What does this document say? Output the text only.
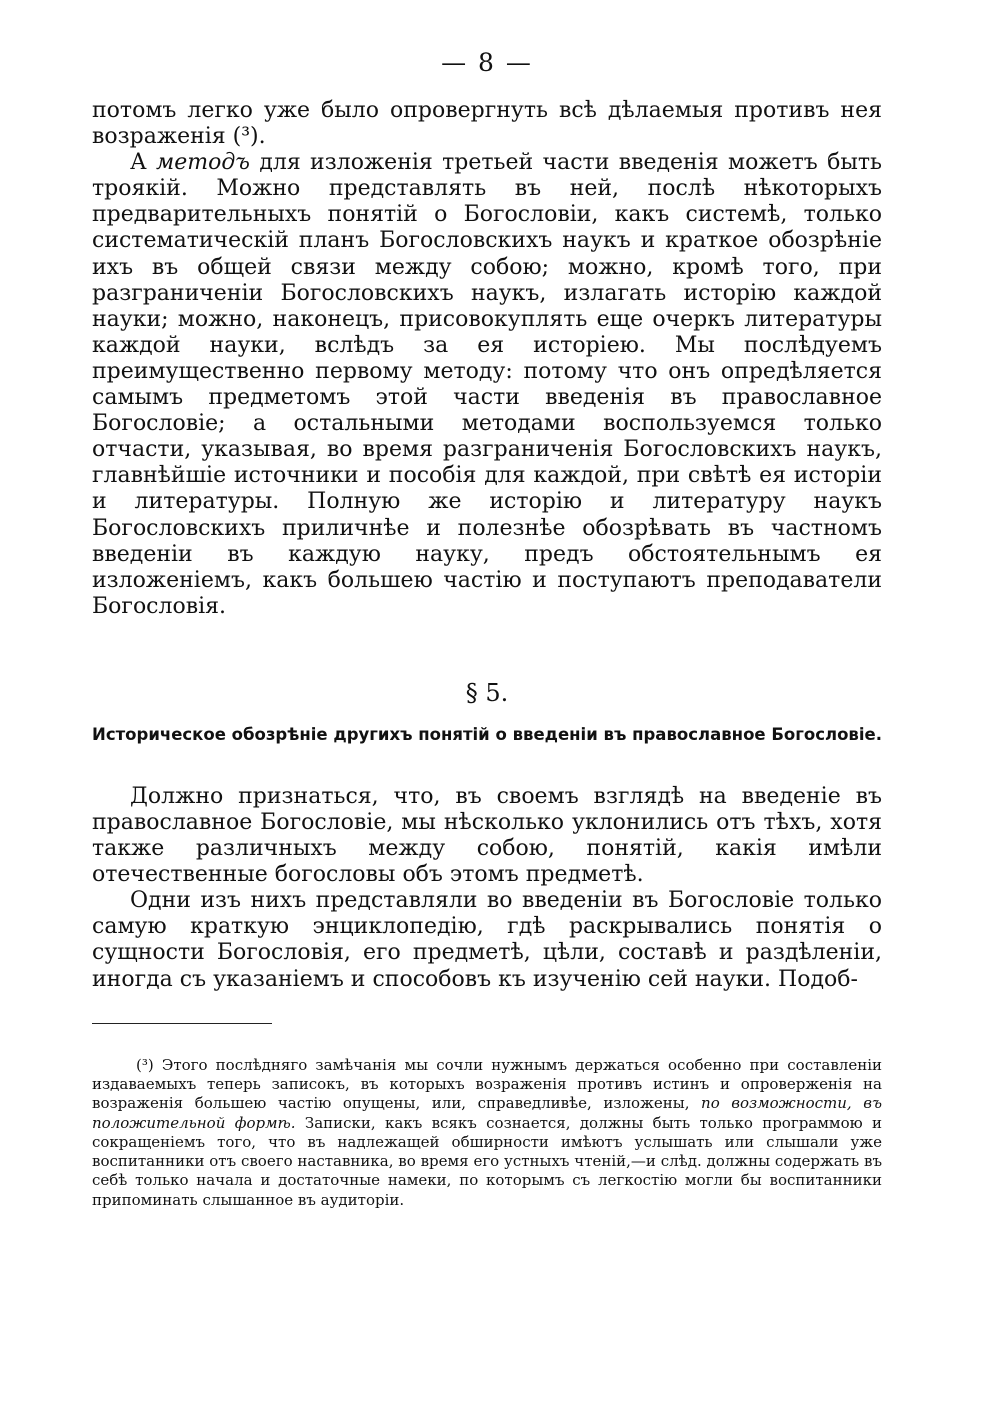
— 8 —

потомъ легко уже было опровергнуть всѣ дѣлаемыя противъ нея возраженія (³).

А методъ для изложенія третьей части введенія можетъ быть трoякій. Можно представлять въ ней, послѣ нѣкоторыхъ предварительныхъ понятій о Богословіи, какъ системѣ, только систематическій планъ Богословскихъ наукъ и краткое обозрѣніе ихъ въ общей связи между собою; можно, кромѣ того, при разграниченіи Богословскихъ наукъ, излагать исторію каждой науки; можно, наконецъ, присовокуплять еще очеркъ литературы каждой науки, вслѣдъ за ея исторіею. Мы послѣдуемъ преимущественно первому методу: потому что онъ опредѣляется самымъ предметомъ этой части введенія въ православное Богословіе; а остальными методами воспользуемся только отчасти, указывая, во время разграниченія Богословскихъ наукъ, главнѣйшіе источники и пособія для каждой, при свѣтѣ ея исторіи и литературы. Полную же исторію и литературу наукъ Богословскихъ приличнѣе и полезнѣе обозрѣвать въ частномъ введеніи въ каждую науку, предъ обстоятельнымъ ея изложеніемъ, какъ большею частію и поступаютъ преподаватели Богословія.

§ 5.

Историческое обозрѣніе другихъ понятій о введеніи въ православное Богословіе.

Должно признаться, что, въ своемъ взглядѣ на введеніе въ православное Богословіе, мы нѣсколько уклонились отъ тѣхъ, хотя также различныхъ между собою, понятій, какія имѣли отечественные богословы объ этомъ предметѣ.

Одни изъ нихъ представляли во введеніи въ Богословіе только самую краткую энциклопедію, гдѣ раскрывались понятія о сущности Богословія, его предметѣ, цѣли, составѣ и раздѣленіи, иногда съ указаніемъ и способовъ къ изученію сей науки. Подоб-

(³) Этого послѣдняго замѣчанія мы сочли нужнымъ держаться особенно при составленіи издаваемыхъ теперь записокъ, въ которыхъ возраженія противъ истинъ и опроверженія на возраженія большею частію опущены, или, справедливѣе, изложены, по возможности, въ положительной формѣ. Записки, какъ всякъ сознается, должны быть только программою и сокращеніемъ того, что въ надлежащей обширности имѣютъ услышать или слышали уже воспитанники отъ своего наставника, во время его устныхъ чтеній,—и слѣд. должны содержать въ себѣ только начала и достаточные намеки, по которымъ съ легкостію могли бы воспитанники припоминать слышанное въ аудиторіи.
